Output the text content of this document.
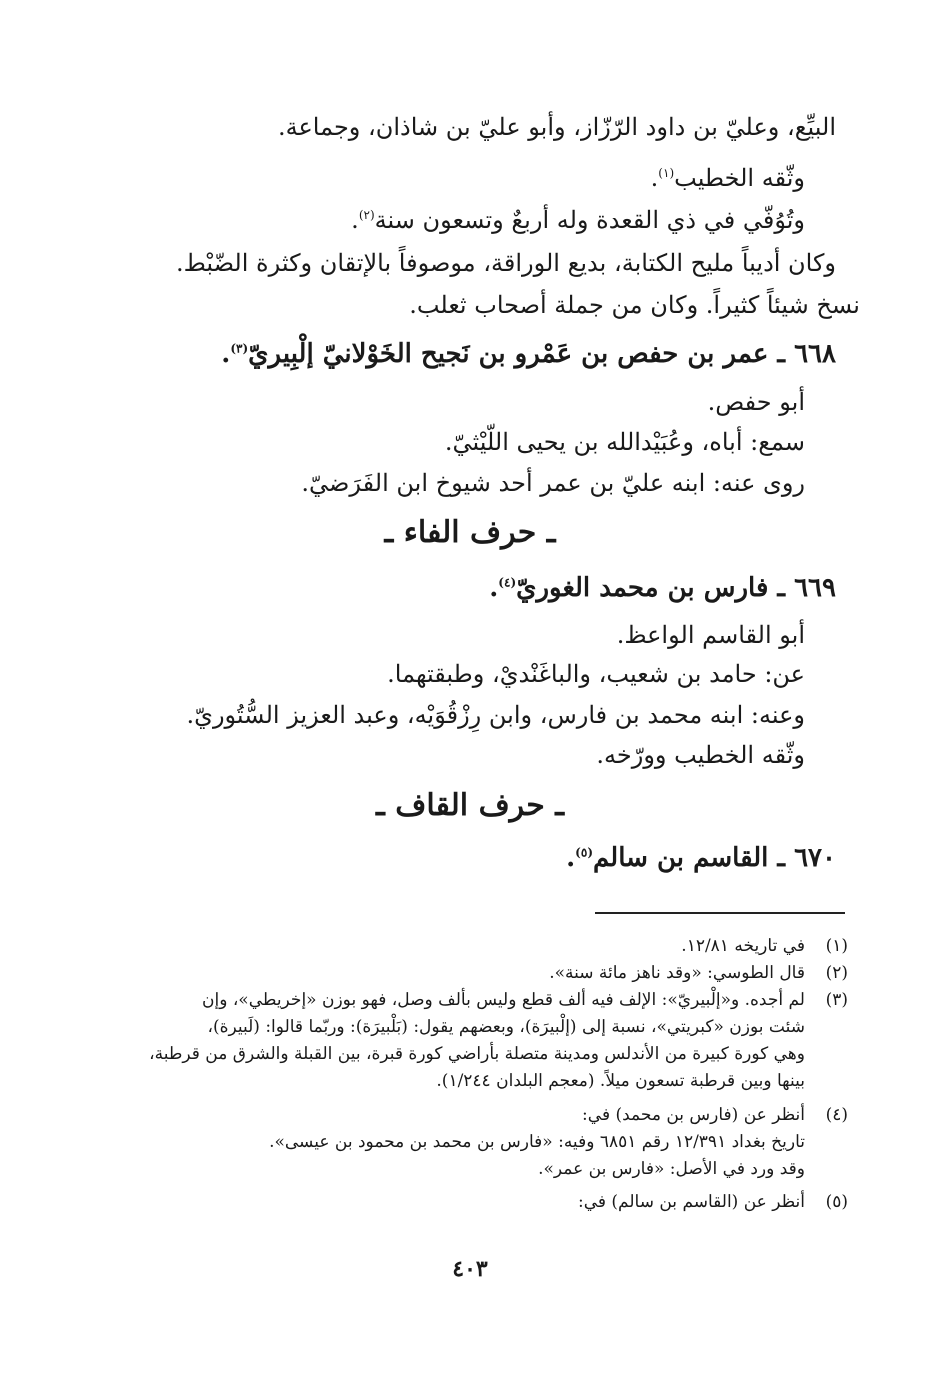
البيِّع، وعليّ بن داود الرّزّاز، وأبو عليّ بن شاذان، وجماعة.
وثّقه الخطيب$^{(١)}$.
وتُوُفّي في ذي القعدة وله أربعٌ وتسعون سنة$^{(٢)}$.
وكان أديباً مليح الكتابة، بديع الوراقة، موصوفاً بالإتقان وكثرة الضّبْط.
نسخ شيئاً كثيراً. وكان من جملة أصحاب ثعلب.
٦٦٨ ـ عمر بن حفص بن عَمْرو بن نَجيح الخَوْلانيّ إلْبِيريّ$^{(٣)}$.
أبو حفص.
سمع: أباه، وعُبَيْدالله بن يحيى اللّيْثيّ.
روى عنه: ابنه عليّ بن عمر أحد شيوخ ابن الفَرَضيّ.
ـ حرف الفاء ـ
٦٦٩ ـ فارس بن محمد الغوريّ$^{(٤)}$.
أبو القاسم الواعظ.
عن: حامد بن شعيب، والباغَنْديْ، وطبقتهما.
وعنه: ابنه محمد بن فارس، وابن رِزْقُوَيْه، وعبد العزيز السُّتُوريّ.
وثّقه الخطيب وورّخه.
ـ حرف القاف ـ
٦٧٠ ـ القاسم بن سالم$^{(٥)}$.
(١)
في تاريخه ١٢/٨١.
(٢)
قال الطوسي: «وقد ناهز مائة سنة».
(٣)
لم أجده. و«إلْبيريّ»: الإلف فيه ألف قطع وليس بألف وصل، فهو بوزن «إخريطي»، وإن
شئت بوزن «كبريتي»، نسبة إلى (إلْبيرَة)، وبعضهم يقول: (بَلْبيرَة): وربّما قالوا: (لَبيرة)،
وهي كورة كبيرة من الأندلس ومدينة متصلة بأراضي كورة قبرة، بين القبلة والشرق من قرطبة،
بينها وبين قرطبة تسعون ميلاً. (معجم البلدان ١/٢٤٤).
(٤)
أنظر عن (فارس بن محمد) في:
تاريخ بغداد ١٢/٣٩١ رقم ٦٨٥١ وفيه: «فارس بن محمد بن محمود بن عيسى».
وقد ورد في الأصل: «فارس بن عمر».
(٥)
أنظر عن (القاسم بن سالم) في:
٤٠٣
